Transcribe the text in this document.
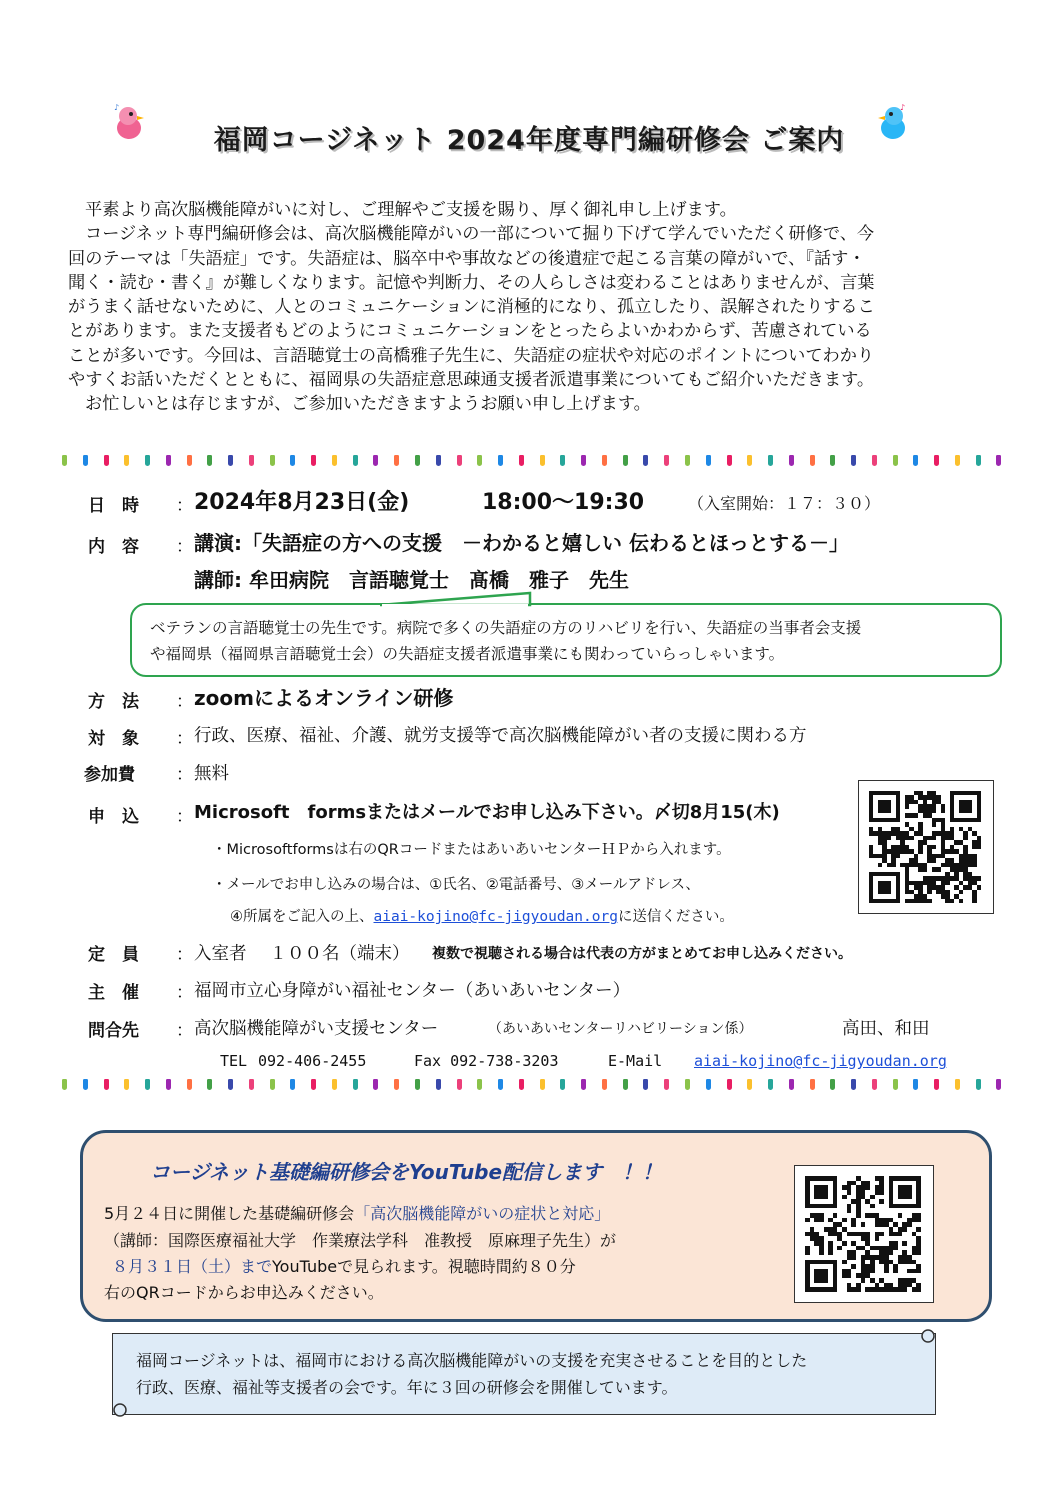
♪	♪
福岡コージネット 2024年度専門編研修会 ご案内

平素より高次脳機能障がいに対し、ご理解やご支援を賜り、厚く御礼申し上げます。

コージネット専門編研修会は、高次脳機能障がいの一部について掘り下げて学んでいただく研修で、今

回のテーマは「失語症」です。失語症は、脳卒中や事故などの後遺症で起こる言葉の障がいで、『話す・

聞く・読む・書く』が難しくなります。記憶や判断力、その人らしさは変わることはありませんが、言葉

がうまく話せないために、人とのコミュニケーションに消極的になり、孤立したり、誤解されたりするこ

とがあります。また支援者もどのようにコミュニケーションをとったらよいかわからず、苦慮されている

ことが多いです。今回は、言語聴覚士の高橋雅子先生に、失語症の症状や対応のポイントについてわかり

やすくお話いただくとともに、福岡県の失語症意思疎通支援者派遣事業についてもご紹介いただきます。

お忙しいとは存じますが、ご参加いただきますようお願い申し上げます。

日　時 ： 2024年8月23日(金)	18:00～19:30	（入室開始：１７：３０）
内　容 ： 講演:「失語症の方への支援　－わかると嬉しい 伝わるとほっとする－」
講師: 牟田病院　言語聴覚士　髙橋　雅子　先生

ベテランの言語聴覚士の先生です。病院で多くの失語症の方のリハビリを行い、失語症の当事者会支援

や福岡県（福岡県言語聴覚士会）の失語症支援者派遣事業にも関わっていらっしゃいます。

方　法 ： zoomによるオンライン研修
対　象 ： 行政、医療、福祉、介護、就労支援等で高次脳機能障がい者の支援に関わる方
参加費 ： 無料
申　込 ： Microsoft　formsまたはメールでお申し込み下さい。〆切8月15(木)
・Microsoftformsは右のQRコードまたはあいあいセンターＨＰから入れます。
・メールでお申し込みの場合は、①氏名、②電話番号、③メールアドレス、
④所属をご記入の上、aiai-kojino@fc-jigyoudan.orgに送信ください。
定　員 ： 入室者　 １００名（端末） 複数で視聴される場合は代表の方がまとめてお申し込みください。
主　催 ： 福岡市立心身障がい福祉センター（あいあいセンター）
問合先 ： 高次脳機能障がい支援センター	（あいあいセンターリハビリーション係）	高田、和田
TEL 092-406-2455	Fax 092-738-3203	E-Mail aiai-kojino@fc-jigyoudan.org
コージネット基礎編研修会をYouTube配信します　！！
5月２４日に開催した基礎編研修会「高次脳機能障がいの症状と対応」
（講師：国際医療福祉大学　作業療法学科　准教授　原麻理子先生）が
８月３１日（土）までYouTubeで見られます。視聴時間約８０分
右のQRコードからお申込みください。
福岡コージネットは、福岡市における高次脳機能障がいの支援を充実させることを目的とした
行政、医療、福祉等支援者の会です。年に３回の研修会を開催しています。
